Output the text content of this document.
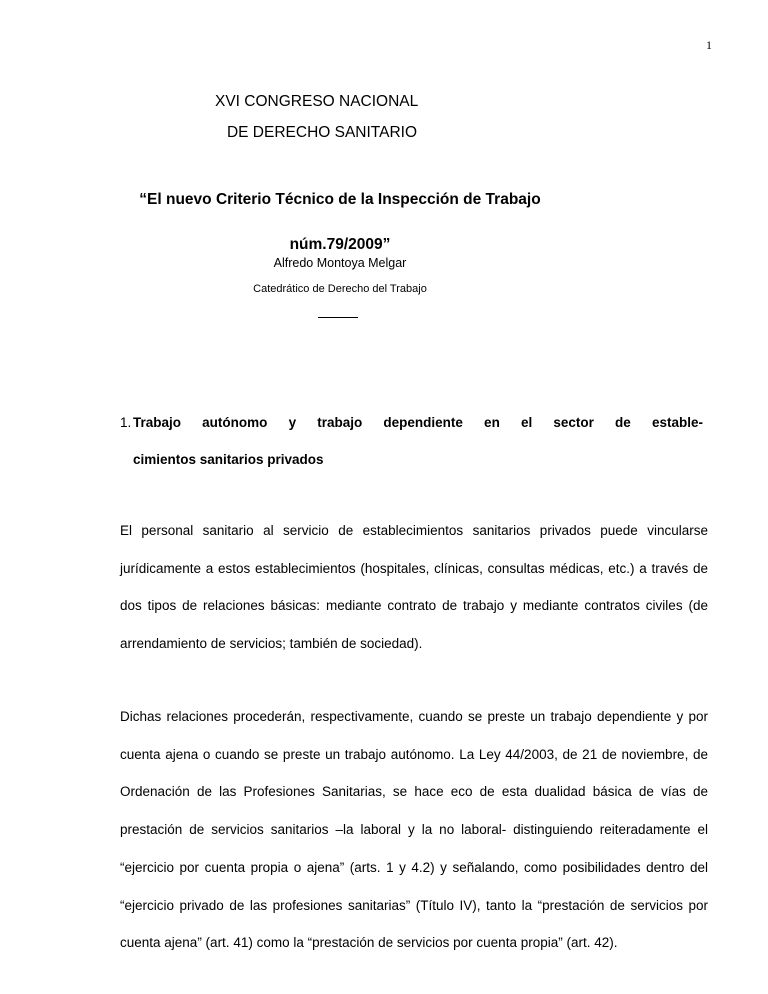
1
XVI CONGRESO NACIONAL
DE DERECHO SANITARIO
“El nuevo Criterio Técnico de la Inspección de Trabajo
núm.79/2009”
Alfredo Montoya Melgar
Catedrático de Derecho del Trabajo
1. Trabajo autónomo y trabajo dependiente en el sector de estable-
cimientos sanitarios privados
El personal sanitario al servicio de establecimientos sanitarios privados puede vincularse jurídicamente a estos establecimientos (hospitales, clínicas, consultas médicas, etc.) a través de dos tipos de relaciones básicas: mediante contrato de trabajo y mediante contratos civiles (de arrendamiento de servicios; también de sociedad).
Dichas relaciones procederán, respectivamente, cuando se preste un trabajo dependiente y por cuenta ajena o cuando se preste un trabajo autónomo. La Ley 44/2003, de 21 de noviembre, de Ordenación de las Profesiones Sanitarias, se hace eco de esta dualidad básica de vías de prestación de servicios sanitarios –la laboral y la no laboral- distinguiendo reiteradamente el “ejercicio por cuenta propia o ajena” (arts. 1 y 4.2) y señalando, como posibilidades dentro del “ejercicio privado de las profesiones sanitarias” (Título IV), tanto la “prestación de servicios por cuenta ajena” (art. 41) como la “prestación de servicios por cuenta propia” (art. 42).
